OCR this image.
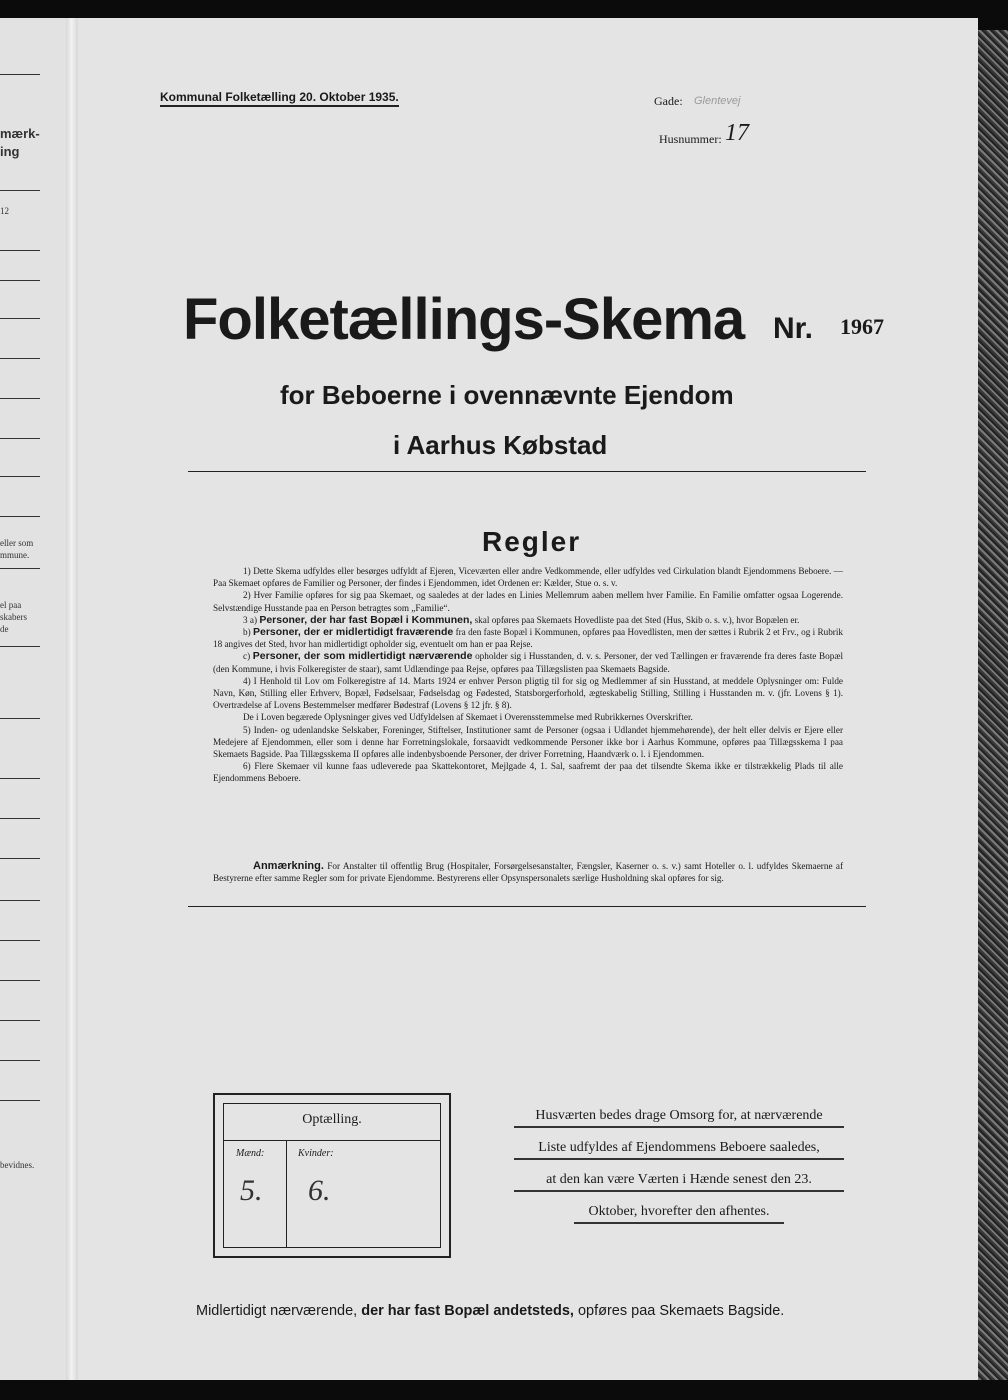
mærk-
ing
12
eller som
mmune.
el paa
skabers
de
bevidnes.
Kommunal Folketælling 20. Oktober 1935.	Gade: Glentevej
Husnummer: 17
Folketællings-Skema Nr. 1967
for Beboerne i ovennævnte Ejendom
i Aarhus Købstad
Regler

1) Dette Skema udfyldes eller besørges udfyldt af Ejeren, Viceværten eller andre Vedkommende, eller udfyldes ved Cirkulation blandt Ejendommens Beboere. — Paa Skemaet opføres de Familier og Personer, der findes i Ejendommen, idet Ordenen er: Kælder, Stue o. s. v.

2) Hver Familie opføres for sig paa Skemaet, og saaledes at der lades en Linies Mellemrum aaben mellem hver Familie. En Familie omfatter ogsaa Logerende. Selvstændige Husstande paa en Person betragtes som „Familie“.

3 a) Personer, der har fast Bopæl i Kommunen, skal opføres paa Skemaets Hovedliste paa det Sted (Hus, Skib o. s. v.), hvor Bopælen er.

b) Personer, der er midlertidigt fraværende fra den faste Bopæl i Kommunen, opføres paa Hovedlisten, men der sættes i Rubrik 2 et Frv., og i Rubrik 18 angives det Sted, hvor han midlertidigt opholder sig, eventuelt om han er paa Rejse.

c) Personer, der som midlertidigt nærværende opholder sig i Husstanden, d. v. s. Personer, der ved Tællingen er fraværende fra deres faste Bopæl (den Kommune, i hvis Folkeregister de staar), samt Udlændinge paa Rejse, opføres paa Tillægslisten paa Skemaets Bagside.

4) I Henhold til Lov om Folkeregistre af 14. Marts 1924 er enhver Person pligtig til for sig og Medlemmer af sin Husstand, at meddele Oplysninger om: Fulde Navn, Køn, Stilling eller Erhverv, Bopæl, Fødselsaar, Fødselsdag og Fødested, Statsborgerforhold, ægteskabelig Stilling, Stilling i Husstanden m. v. (jfr. Lovens § 1). Overtrædelse af Lovens Bestemmelser medfører Bødestraf (Lovens § 12 jfr. § 8).

De i Loven begærede Oplysninger gives ved Udfyldelsen af Skemaet i Overensstemmelse med Rubrikkernes Overskrifter.

5) Inden- og udenlandske Selskaber, Foreninger, Stiftelser, Institutioner samt de Personer (ogsaa i Udlandet hjemmehørende), der helt eller delvis er Ejere eller Medejere af Ejendommen, eller som i denne har Forretningslokale, forsaavidt vedkommende Personer ikke bor i Aarhus Kommune, opføres paa Tillægsskema I paa Skemaets Bagside. Paa Tillægsskema II opføres alle indenbysboende Personer, der driver Forretning, Haandværk o. l. i Ejendommen.

6) Flere Skemaer vil kunne faas udleverede paa Skattekontoret, Mejlgade 4, 1. Sal, saafremt der paa det tilsendte Skema ikke er tilstrækkelig Plads til alle Ejendommens Beboere.

Anmærkning. For Anstalter til offentlig Brug (Hospitaler, Forsørgelsesanstalter, Fængsler, Kaserner o. s. v.) samt Hoteller o. l. udfyldes Skemaerne af Bestyrerne efter samme Regler som for private Ejendomme. Bestyrerens eller Opsynspersonalets særlige Husholdning skal opføres for sig.

Optælling.
Mænd:	Kvinder:
5. 6.
Husværten bedes drage Omsorg for, at nærværende
Liste udfyldes af Ejendommens Beboere saaledes,
at den kan være Værten i Hænde senest den 23.
Oktober, hvorefter den afhentes.
Midlertidigt nærværende, der har fast Bopæl andetsteds, opføres paa Skemaets Bagside.
